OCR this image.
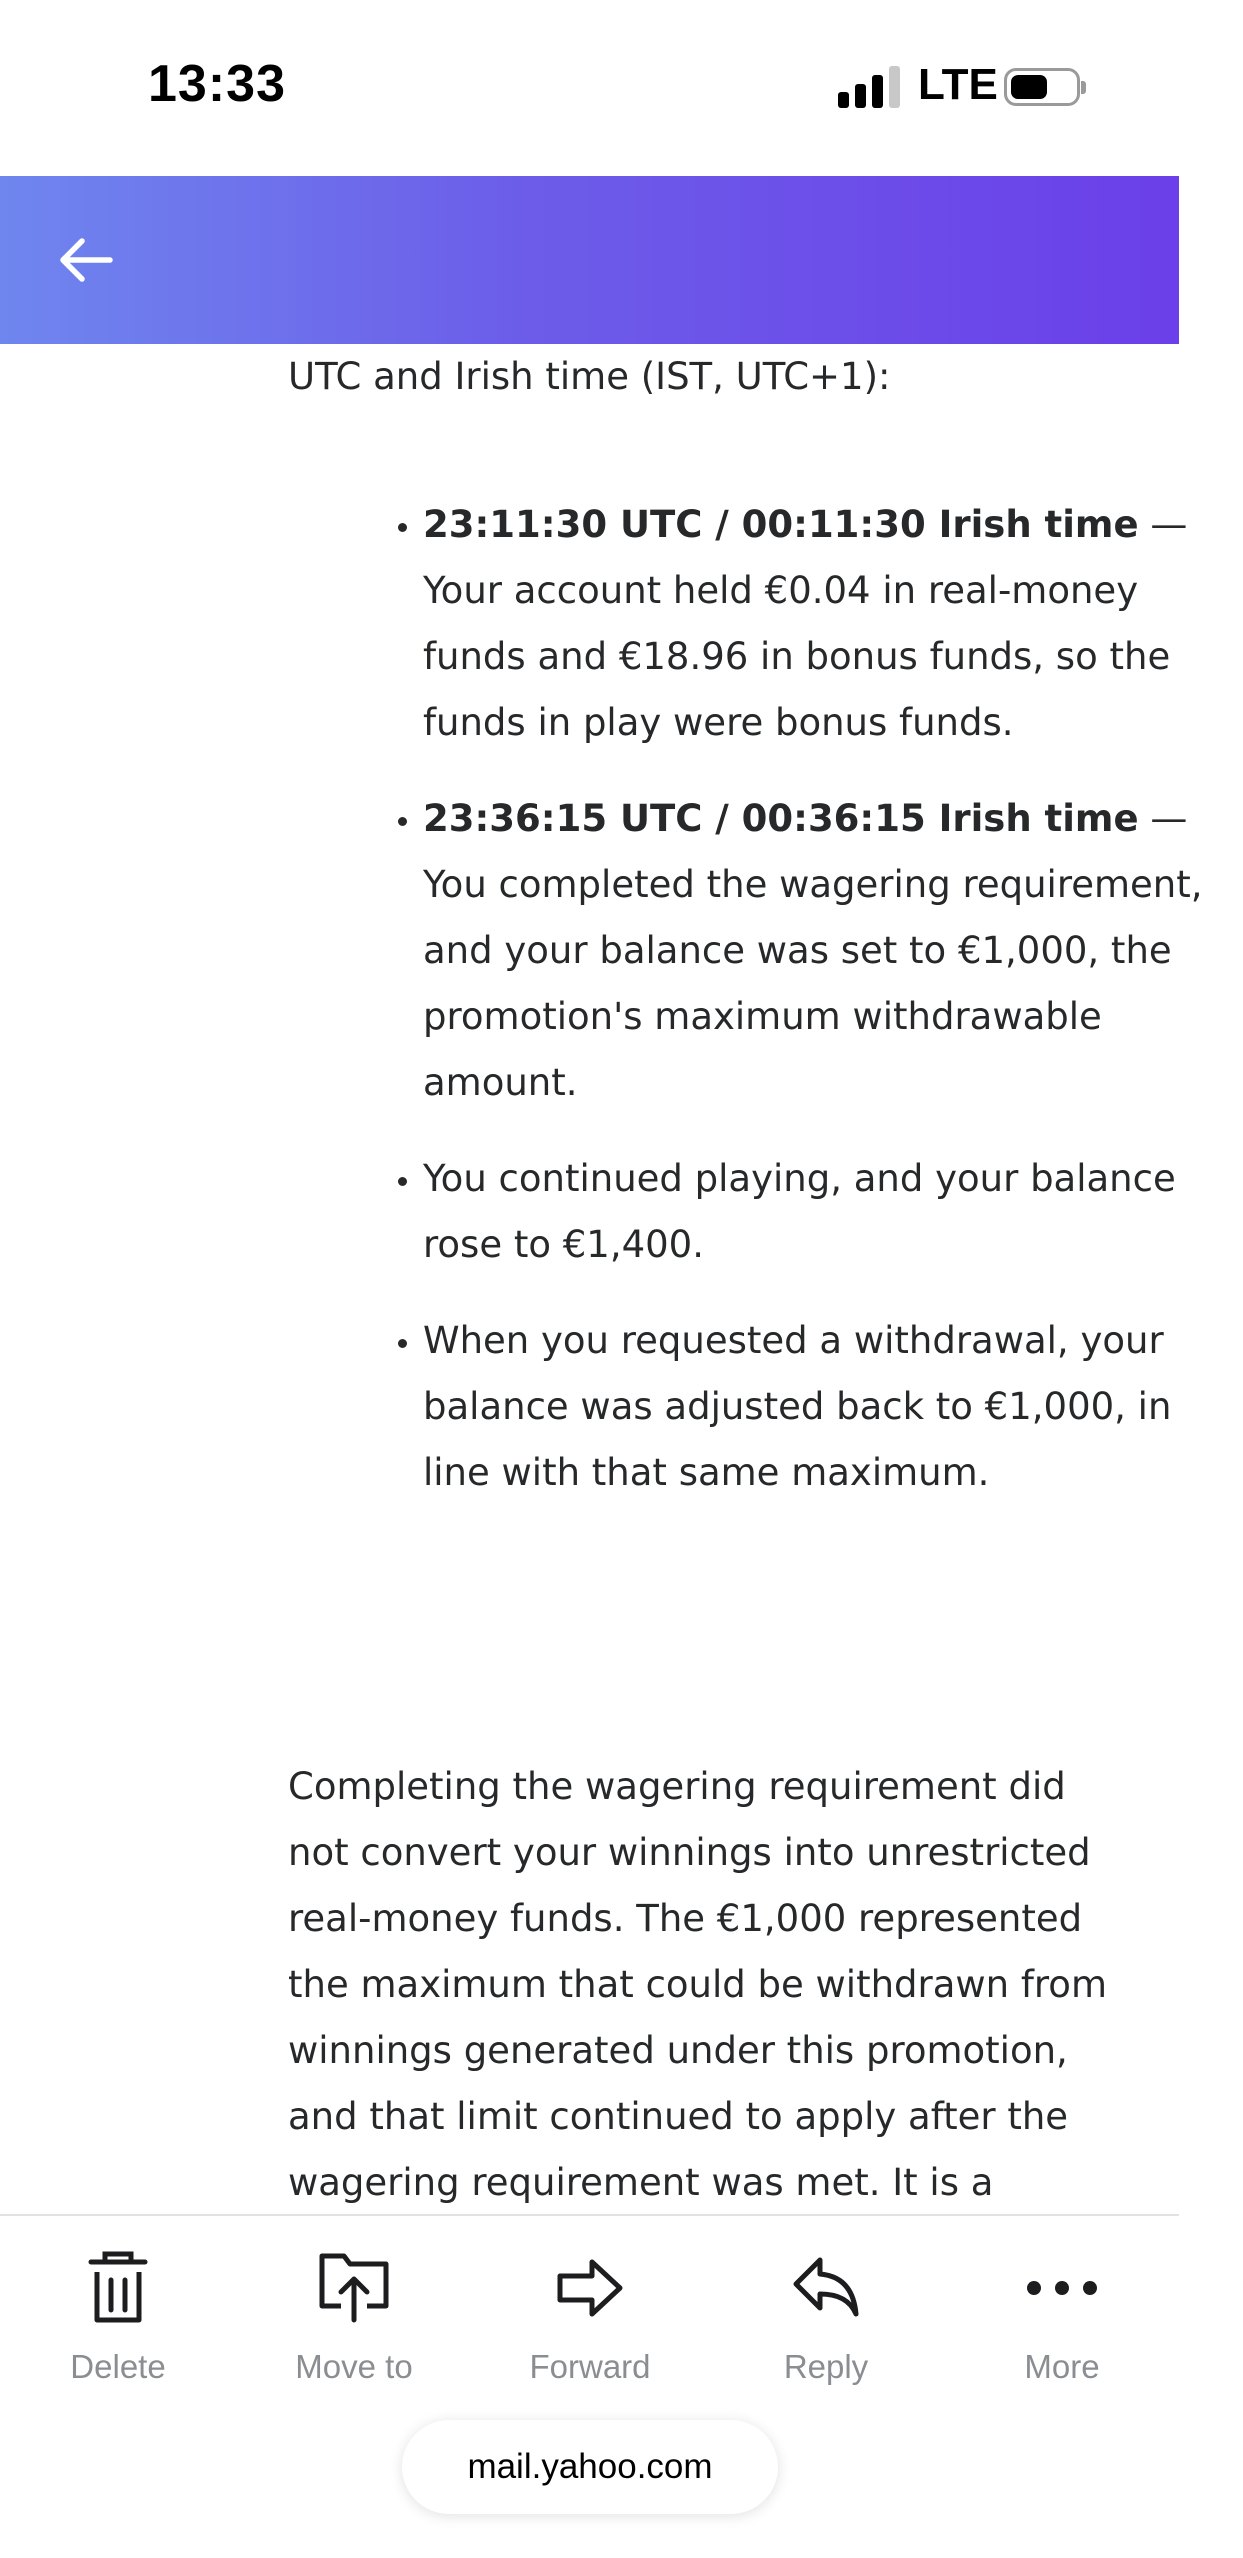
13:33	LTE

UTC and Irish time (IST, UTC+1):

• 23:11:30 UTC / 00:11:30 Irish time — Your account held €0.04 in real-money funds and €18.96 in bonus funds, so the funds in play were bonus funds.
• 23:36:15 UTC / 00:36:15 Irish time — You completed the wagering requirement, and your balance was set to €1,000, the promotion's maximum withdrawable amount.
• You continued playing, and your balance rose to €1,400.
• When you requested a withdrawal, your balance was adjusted back to €1,000, in line with that same maximum.

Completing the wagering requirement did not convert your winnings into unrestricted real-money funds. The €1,000 represented the maximum that could be withdrawn from winnings generated under this promotion, and that limit continued to apply after the wagering requirement was met. It is a

Delete	Move to	Forward	Reply	More
mail.yahoo.com
